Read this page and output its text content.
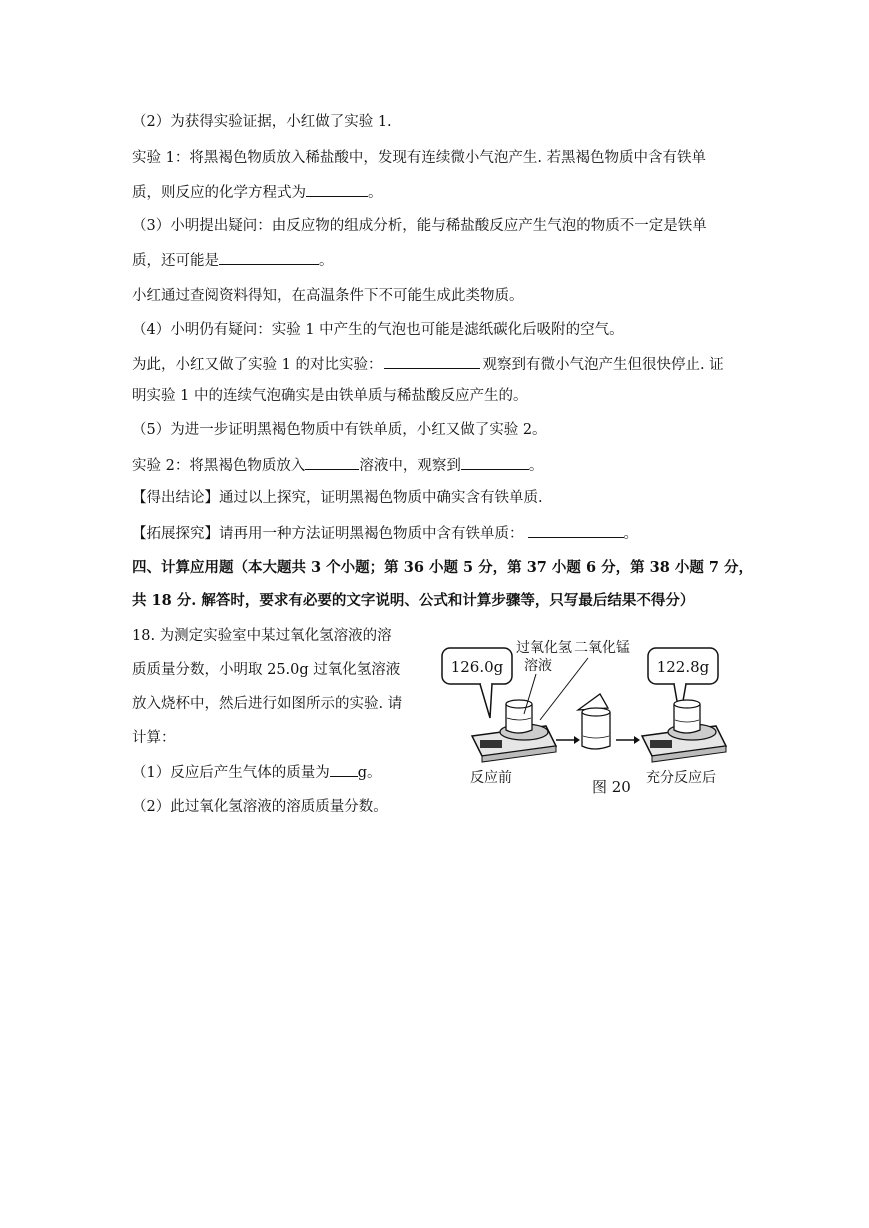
（2）为获得实验证据，小红做了实验 1.
实验 1：将黑褐色物质放入稀盐酸中，发现有连续微小气泡产生. 若黑褐色物质中含有铁单
质，则反应的化学方程式为	。
（3）小明提出疑问：由反应物的组成分析，能与稀盐酸反应产生气泡的物质不一定是铁单
质，还可能是	。
小红通过查阅资料得知，在高温条件下不可能生成此类物质。
（4）小明仍有疑问：实验 1 中产生的气泡也可能是滤纸碳化后吸附的空气。
为此，小红又做了实验 1 的对比实验：	观察到有微小气泡产生但很快停止. 证
明实验 1 中的连续气泡确实是由铁单质与稀盐酸反应产生的。
（5）为进一步证明黑褐色物质中有铁单质，小红又做了实验 2。
实验 2：将黑褐色物质放入	溶液中，观察到	。
【得出结论】通过以上探究，证明黑褐色物质中确实含有铁单质.
【拓展探究】请再用一种方法证明黑褐色物质中含有铁单质：	。
四、计算应用题（本大题共 3 个小题；第 36 小题 5 分，第 37 小题 6 分，第 38 小题 7 分，
共 18 分. 解答时，要求有必要的文字说明、公式和计算步骤等，只写最后结果不得分）
18. 为测定实验室中某过氧化氢溶液的溶
质质量分数，小明取 25.0g 过氧化氢溶液
放入烧杯中，然后进行如图所示的实验. 请
计算：
（1）反应后产生气体的质量为 g。
（2）此过氧化氢溶液的溶质质量分数。
126.0g
过氧化氢
溶液
二氧化锰
122.8g
反应前	图 20 充分反应后
